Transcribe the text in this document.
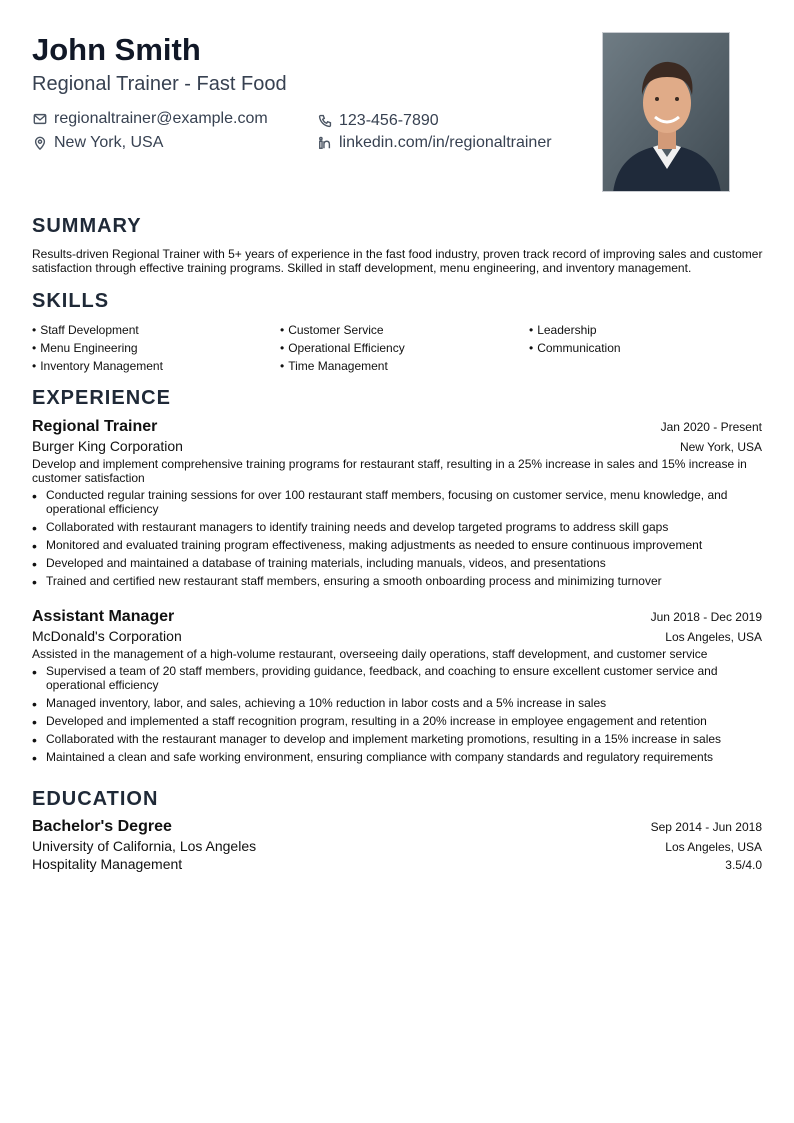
John Smith
Regional Trainer - Fast Food
regionaltrainer@example.com	123-456-7890
New York, USA	linkedin.com/in/regionaltrainer
SUMMARY
Results-driven Regional Trainer with 5+ years of experience in the fast food industry, proven track record of improving sales and customer satisfaction through effective training programs. Skilled in staff development, menu engineering, and inventory management.
SKILLS
• Staff Development	• Customer Service	• Leadership
• Menu Engineering	• Operational Efficiency	• Communication
• Inventory Management	• Time Management
EXPERIENCE
Regional Trainer	Jan 2020 - Present
Burger King Corporation	New York, USA
Develop and implement comprehensive training programs for restaurant staff, resulting in a 25% increase in sales and 15% increase in customer satisfaction
• Conducted regular training sessions for over 100 restaurant staff members, focusing on customer service, menu knowledge, and operational efficiency
• Collaborated with restaurant managers to identify training needs and develop targeted programs to address skill gaps
• Monitored and evaluated training program effectiveness, making adjustments as needed to ensure continuous improvement
• Developed and maintained a database of training materials, including manuals, videos, and presentations
• Trained and certified new restaurant staff members, ensuring a smooth onboarding process and minimizing turnover
Assistant Manager	Jun 2018 - Dec 2019
McDonald's Corporation	Los Angeles, USA
Assisted in the management of a high-volume restaurant, overseeing daily operations, staff development, and customer service
• Supervised a team of 20 staff members, providing guidance, feedback, and coaching to ensure excellent customer service and operational efficiency
• Managed inventory, labor, and sales, achieving a 10% reduction in labor costs and a 5% increase in sales
• Developed and implemented a staff recognition program, resulting in a 20% increase in employee engagement and retention
• Collaborated with the restaurant manager to develop and implement marketing promotions, resulting in a 15% increase in sales
• Maintained a clean and safe working environment, ensuring compliance with company standards and regulatory requirements
EDUCATION
Bachelor's Degree	Sep 2014 - Jun 2018
University of California, Los Angeles	Los Angeles, USA
Hospitality Management	3.5/4.0
